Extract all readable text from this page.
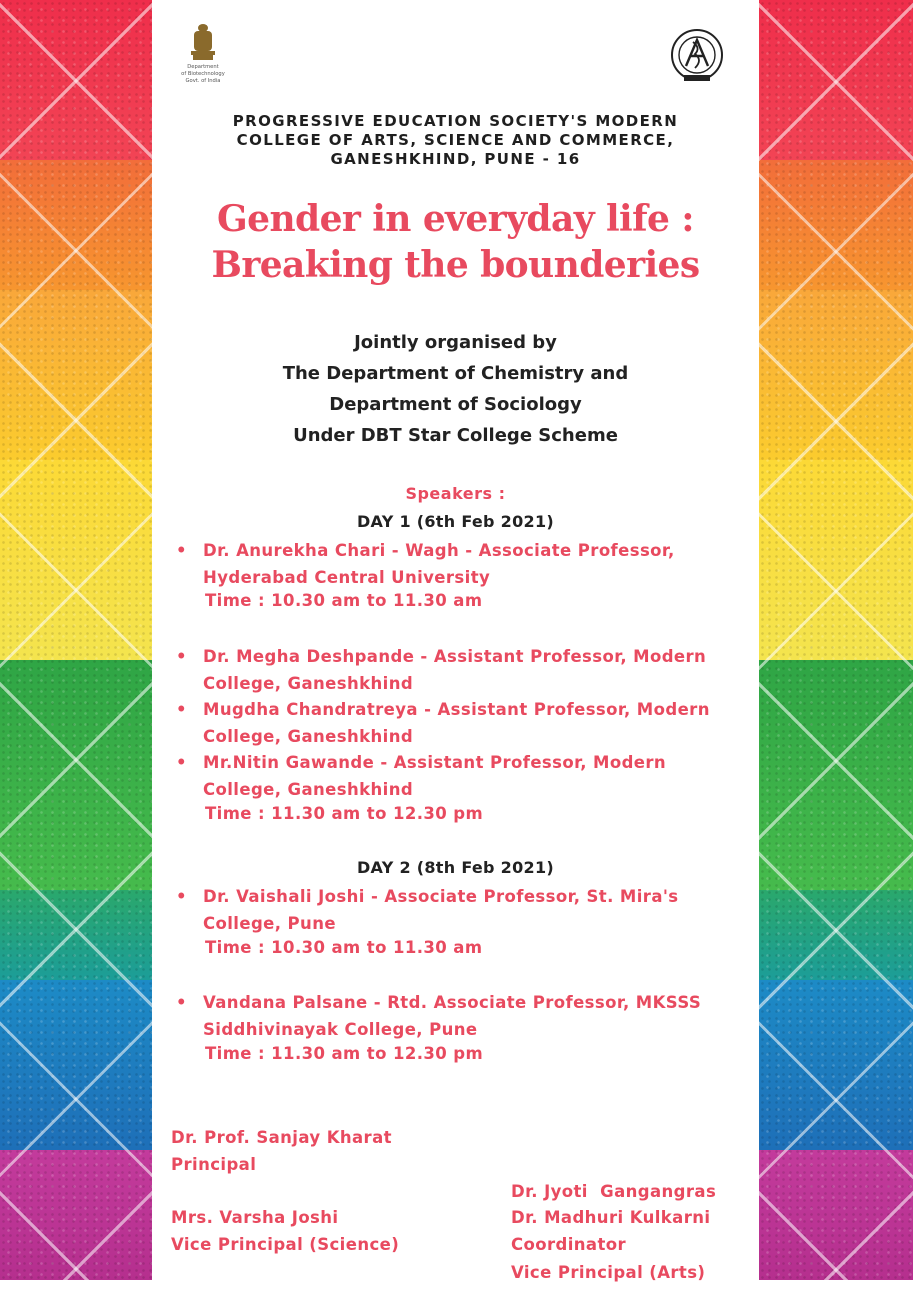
Department
of Biotechnology
Govt. of India
PROGRESSIVE EDUCATION SOCIETY'S MODERN
COLLEGE OF ARTS, SCIENCE AND COMMERCE,
GANESHKHIND, PUNE - 16
Gender in everyday life :
Breaking the bounderies
Jointly organised by
The Department of Chemistry and
Department of Sociology
Under DBT Star College Scheme
Speakers :
DAY 1 (6th Feb 2021)
• Dr. Anurekha Chari - Wagh - Associate Professor,
Hyderabad Central University
Time : 10.30 am to 11.30 am
• Dr. Megha Deshpande - Assistant Professor, Modern
College, Ganeshkhind
• Mugdha Chandratreya - Assistant Professor, Modern
College, Ganeshkhind
• Mr.Nitin Gawande - Assistant Professor, Modern
College, Ganeshkhind
Time : 11.30 am to 12.30 pm
DAY 2 (8th Feb 2021)
• Dr. Vaishali Joshi - Associate Professor, St. Mira's
College, Pune
Time : 10.30 am to 11.30 am
• Vandana Palsane - Rtd. Associate Professor, MKSSS
Siddhivinayak College, Pune
Time : 11.30 am to 12.30 pm
Dr. Prof. Sanjay Kharat
Principal

Dr. Jyoti  Gangangras

Vice Principal (Arts)

Mrs. Varsha Joshi
Vice Principal (Science)
Dr. Madhuri Kulkarni
Coordinator
